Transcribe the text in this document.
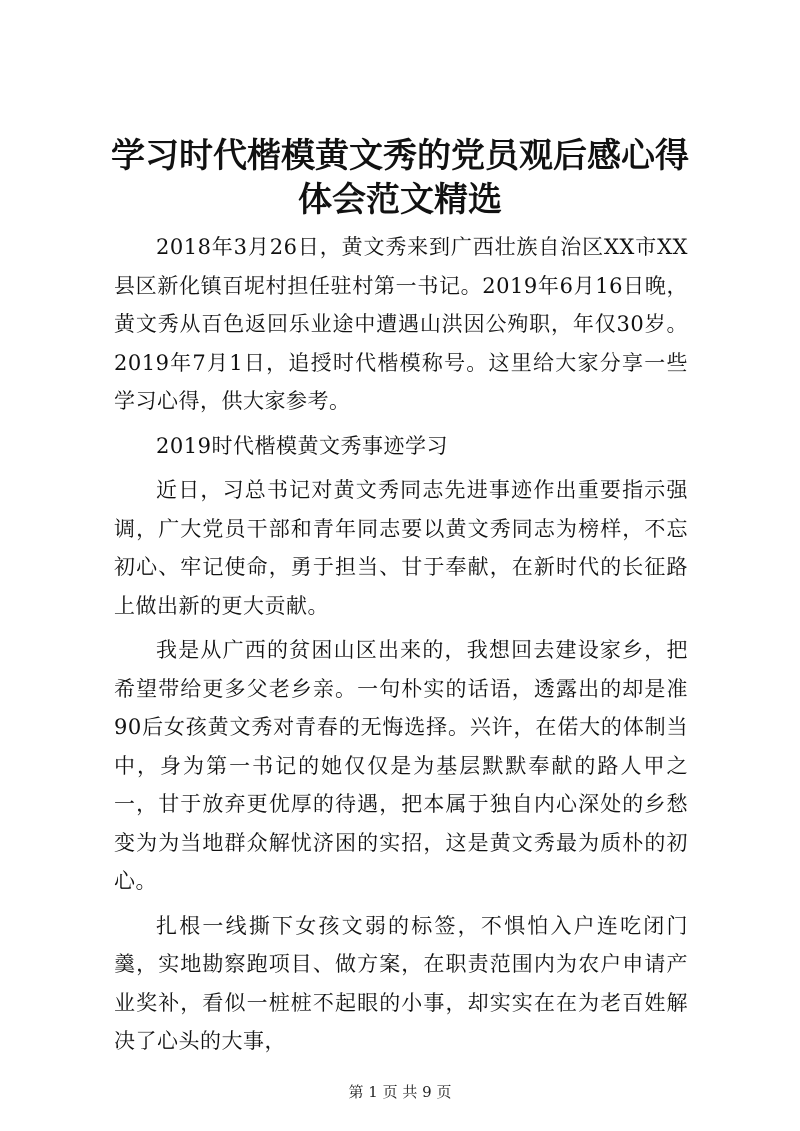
学习时代楷模黄文秀的党员观后感心得体会范文精选

2018年3月26日，黄文秀来到广西壮族自治区XX市XX县区新化镇百坭村担任驻村第一书记。2019年6月16日晚，黄文秀从百色返回乐业途中遭遇山洪因公殉职，年仅30岁。2019年7月1日，追授时代楷模称号。这里给大家分享一些学习心得，供大家参考。

2019时代楷模黄文秀事迹学习

近日，习总书记对黄文秀同志先进事迹作出重要指示强调，广大党员干部和青年同志要以黄文秀同志为榜样，不忘初心、牢记使命，勇于担当、甘于奉献，在新时代的长征路上做出新的更大贡献。

我是从广西的贫困山区出来的，我想回去建设家乡，把希望带给更多父老乡亲。一句朴实的话语，透露出的却是准90后女孩黄文秀对青春的无悔选择。兴许，在偌大的体制当中，身为第一书记的她仅仅是为基层默默奉献的路人甲之一，甘于放弃更优厚的待遇，把本属于独自内心深处的乡愁变为为当地群众解忧济困的实招，这是黄文秀最为质朴的初心。

扎根一线撕下女孩文弱的标签，不惧怕入户连吃闭门羹，实地勘察跑项目、做方案，在职责范围内为农户申请产业奖补，看似一桩桩不起眼的小事，却实实在在为老百姓解决了心头的大事，

第 1 页 共 9 页
